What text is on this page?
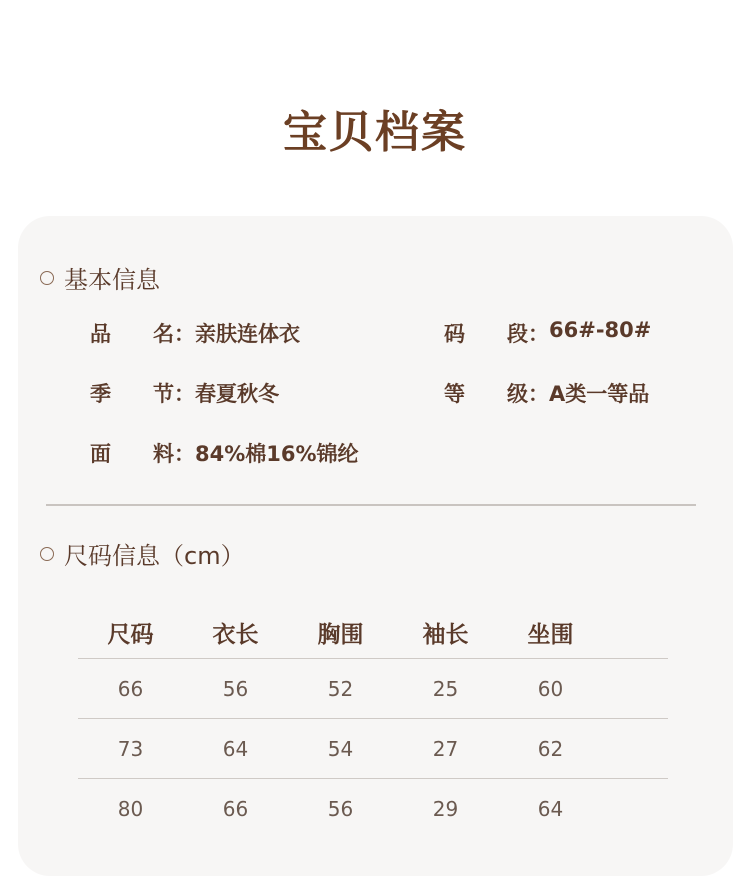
宝贝档案
基本信息
品　　名： 亲肤连体衣	码　　段： 66#-80#
季　　节： 春夏秋冬	等　　级： A类一等品
面　　料： 84%棉16%锦纶
尺码信息（cm）
尺码	衣长	胸围	袖长	坐围
66	56	52	25	60
73	64	54	27	62
80	66	56	29	64
